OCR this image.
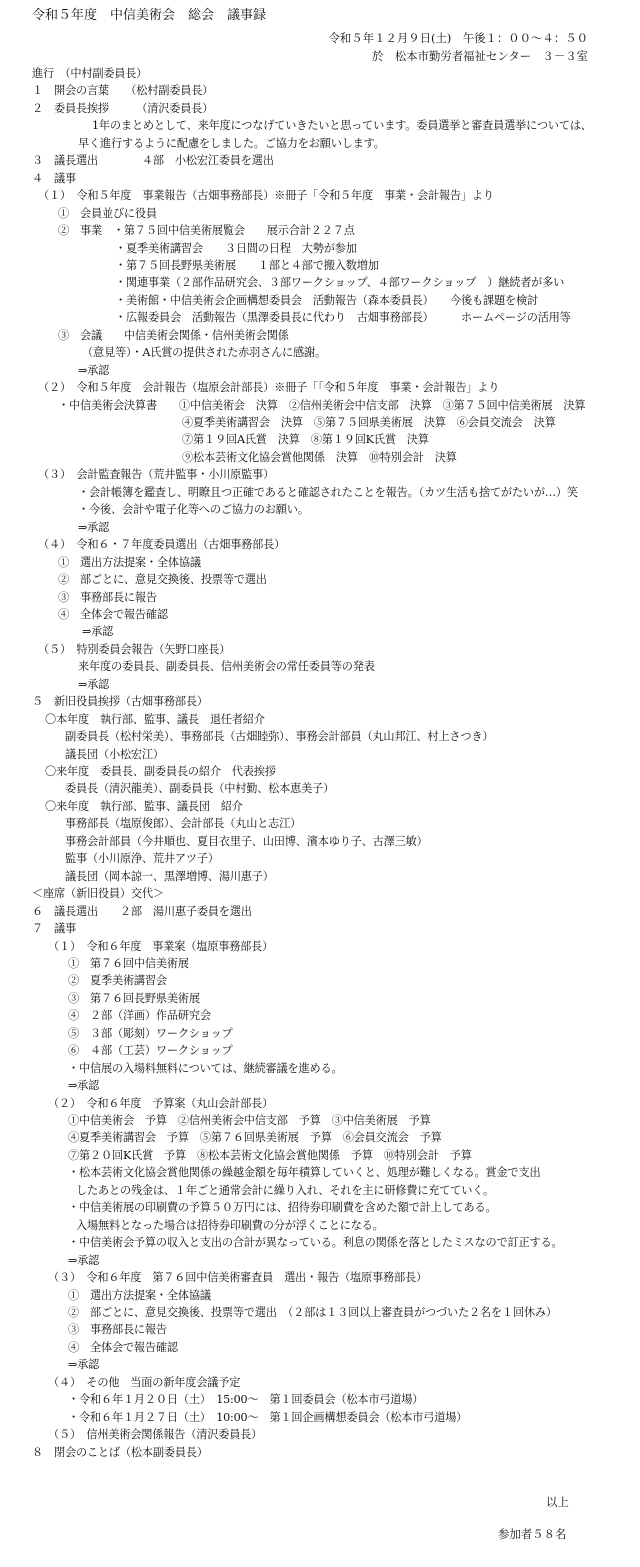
令和５年度　中信美術会　総会　議事録
令和５年１２月９日(土)　午後１：００～４：５０
於　松本市勤労者福祉センター　３－３室
進行　（中村副委員長）
１　開会の言葉　　（松村副委員長）
２　委員長挨拶　　　（清沢委員長）
1年のまとめとして、来年度につなげていきたいと思っています。委員選挙と審査員選挙については、
早く進行するように配慮をしました。ご協力をお願いします。
３　議長選出　　　　４部　小松宏江委員を選出
４　議事
（１）　令和５年度　事業報告（古畑事務部長）※冊子「令和５年度　事業・会計報告」より
①　会員並びに役員
②　事業　・第７５回中信美術展覧会　　展示合計２２７点
・夏季美術講習会　　３日間の日程　大勢が参加
・第７５回長野県美術展　　１部と４部で搬入数増加
・関連事業（２部作品研究会、３部ワークショップ、４部ワークショップ　）継続者が多い
・美術館・中信美術会企画構想委員会　活動報告（森本委員長）　　今後も課題を検討
・広報委員会　活動報告（黒澤委員長に代わり　古畑事務部長）　　　ホームページの活用等
③　会議　　中信美術会関係・信州美術会関係
（意見等）・A氏賞の提供された赤羽さんに感謝。
⇒承認
（２）　令和５年度　会計報告（塩原会計部長）※冊子「「令和５年度　事業・会計報告」より
・中信美術会決算書　　①中信美術会　決算　②信州美術会中信支部　決算　③第７５回中信美術展　決算
④夏季美術講習会　決算　⑤第７５回県美術展　決算　⑥会員交流会　決算
⑦第１９回A氏賞　決算　⑧第１９回K氏賞　決算
⑨松本芸術文化協会賞他関係　決算　⑩特別会計　決算
（３）　会計監査報告（荒井監事・小川原監事）
・会計帳簿を鑑査し、明瞭且つ正確であると確認されたことを報告。（カツ生活も捨てがたいが…）笑
・今後、会計や電子化等へのご協力のお願い。
⇒承認
（４）　令和６・７年度委員選出（古畑事務部長）
①　選出方法提案・全体協議
②　部ごとに、意見交換後、投票等で選出
③　事務部長に報告
④　全体会で報告確認
⇒承認
（５）　特別委員会報告（矢野口座長）
来年度の委員長、副委員長、信州美術会の常任委員等の発表
⇒承認
５　新旧役員挨拶（古畑事務部長）
〇本年度　執行部、監事、議長　退任者紹介
副委員長（松村栄美）、事務部長（古畑睦弥）、事務会計部員（丸山邦江、村上さつき）
議長団（小松宏江）
〇来年度　委員長、副委員長の紹介　代表挨拶
委員長（清沢龍美）、副委員長（中村勤、松本恵美子）
〇来年度　執行部、監事、議長団　紹介
事務部長（塩原俊郎）、会計部長（丸山と志江）
事務会計部員（今井順也、夏目衣里子、山田博、濱本ゆり子、古澤三敏）
監事（小川原浄、荒井アツ子）
議長団（岡本諒一、黒澤増博、湯川惠子）
＜座席（新旧役員）交代＞
６　議長選出　　２部　湯川惠子委員を選出
７　議事
（１）　令和６年度　事業案（塩原事務部長）
①　第７６回中信美術展
②　夏季美術講習会
③　第７６回長野県美術展
④　２部（洋画）作品研究会
⑤　３部（彫刻）ワークショップ
⑥　４部（工芸）ワークショップ
・中信展の入場料無料については、継続審議を進める。
⇒承認
（２）　令和６年度　予算案（丸山会計部長）
①中信美術会　予算　②信州美術会中信支部　予算　③中信美術展　予算
④夏季美術講習会　予算　⑤第７６回県美術展　予算　⑥会員交流会　予算
⑦第２０回K氏賞　予算　⑧松本芸術文化協会賞他関係　予算　⑩特別会計　予算
・松本芸術文化協会賞他関係の繰越金額を毎年積算していくと、処理が難しくなる。賞金で支出
したあとの残金は、１年ごと通常会計に繰り入れ、それを主に研修費に充てていく。
・中信美術展の印刷費の予算５０万円には、招待券印刷費を含めた額で計上してある。
入場無料となった場合は招待券印刷費の分が浮くことになる。
・中信美術会予算の収入と支出の合計が異なっている。利息の関係を落としたミスなので訂正する。
⇒承認
（３）　令和６年度　第７６回中信美術審査員　選出・報告（塩原事務部長）
①　選出方法提案・全体協議
②　部ごとに、意見交換後、投票等で選出　（２部は１３回以上審査員がつづいた２名を１回休み）
③　事務部長に報告
④　全体会で報告確認
⇒承認
（４）　その他　当面の新年度会議予定
・令和６年１月２０日（土）　15:00～　第１回委員会（松本市弓道場）
・令和６年１月２７日（土）　10:00～　第１回企画構想委員会（松本市弓道場）
（５）　信州美術会関係報告（清沢委員長）
８　閉会のことば（松本副委員長）
以上
参加者５８名
